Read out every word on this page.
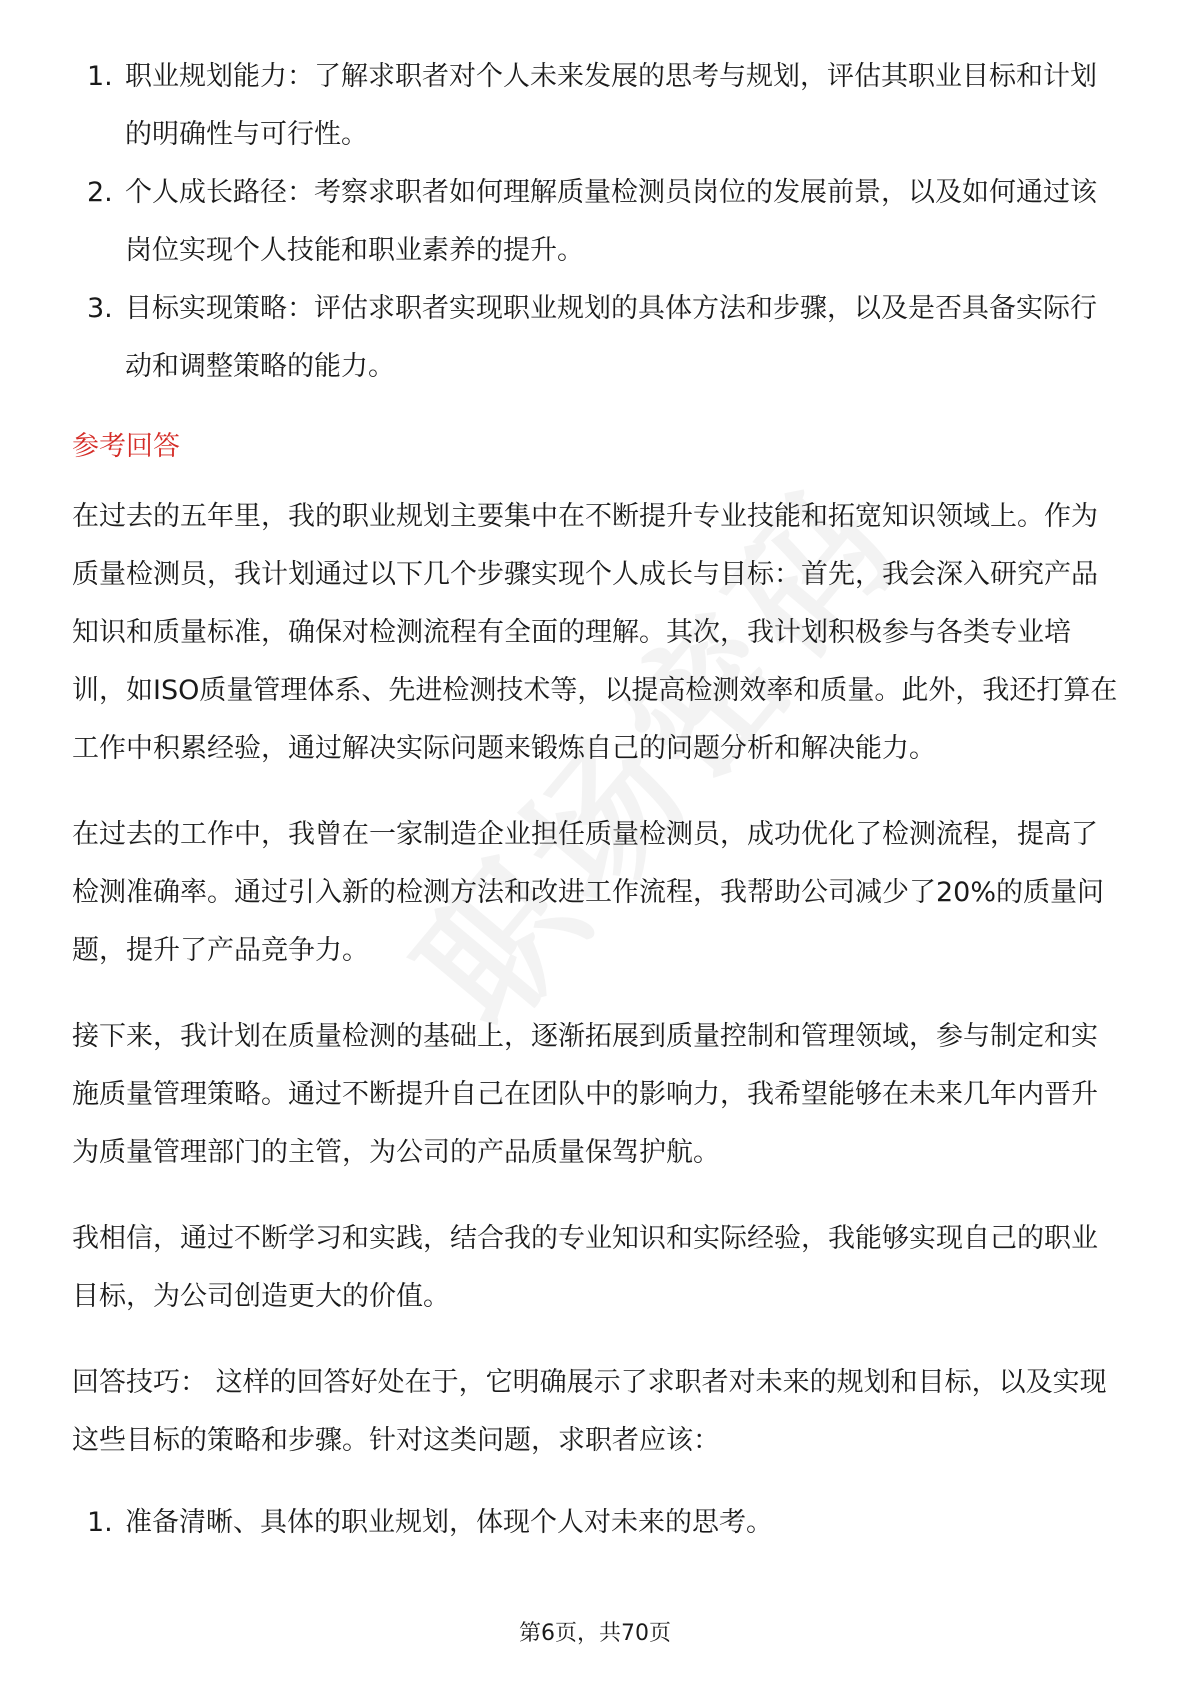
1. 职业规划能力：了解求职者对个人未来发展的思考与规划，评估其职业目标和计划的明确性与可行性。
2. 个人成长路径：考察求职者如何理解质量检测员岗位的发展前景，以及如何通过该岗位实现个人技能和职业素养的提升。
3. 目标实现策略：评估求职者实现职业规划的具体方法和步骤，以及是否具备实际行动和调整策略的能力。
参考回答

在过去的五年里，我的职业规划主要集中在不断提升专业技能和拓宽知识领域上。作为质量检测员，我计划通过以下几个步骤实现个人成长与目标：首先，我会深入研究产品知识和质量标准，确保对检测流程有全面的理解。其次，我计划积极参与各类专业培训，如ISO质量管理体系、先进检测技术等，以提高检测效率和质量。此外，我还打算在工作中积累经验，通过解决实际问题来锻炼自己的问题分析和解决能力。

在过去的工作中，我曾在一家制造企业担任质量检测员，成功优化了检测流程，提高了检测准确率。通过引入新的检测方法和改进工作流程，我帮助公司减少了20%的质量问题，提升了产品竞争力。

接下来，我计划在质量检测的基础上，逐渐拓展到质量控制和管理领域，参与制定和实施质量管理策略。通过不断提升自己在团队中的影响力，我希望能够在未来几年内晋升为质量管理部门的主管，为公司的产品质量保驾护航。

我相信，通过不断学习和实践，结合我的专业知识和实际经验，我能够实现自己的职业目标，为公司创造更大的价值。

回答技巧： 这样的回答好处在于，它明确展示了求职者对未来的规划和目标，以及实现这些目标的策略和步骤。针对这类问题，求职者应该：

1. 准备清晰、具体的职业规划，体现个人对未来的思考。
第6页，共70页
